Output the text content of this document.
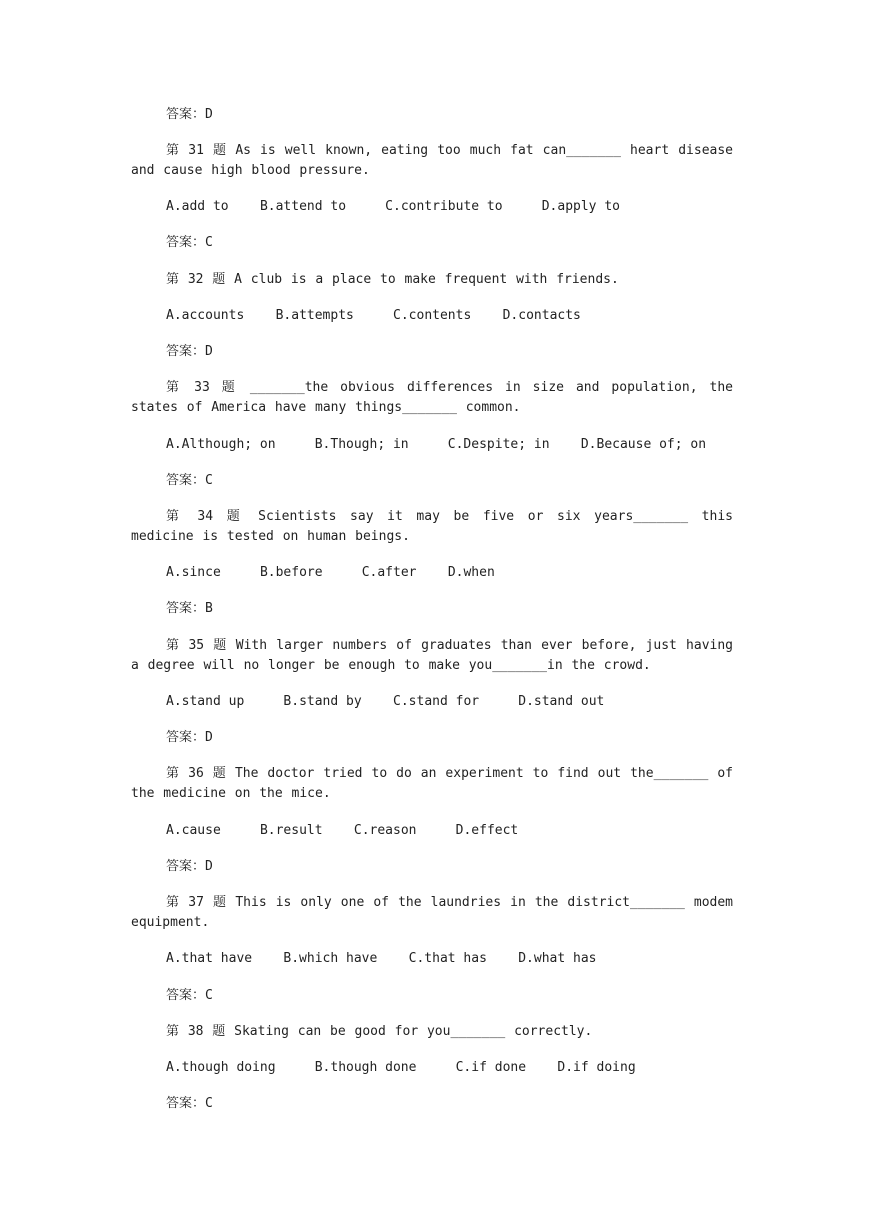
答案：D
第 31 题 As is well known, eating too much fat can_______ heart disease and cause high blood pressure.
A.add to B.attend to	C.contribute to	D.apply to
答案：C
第 32 题 A club is a place to make frequent with friends.
A.accounts B.attempts	C.contents D.contacts
答案：D
第 33 题 _______the obvious differences in size and population, the states of America have many things_______ common.
A.Although; on	B.Though; in	C.Despite; in D.Because of; on
答案：C
第 34 题 Scientists say it may be five or six years_______ this medicine is tested on human beings.
A.since	B.before	C.after D.when
答案：B
第 35 题 With larger numbers of graduates than ever before, just having a degree will no longer be enough to make you_______in the crowd.
A.stand up	B.stand by C.stand for	D.stand out
答案：D
第 36 题 The doctor tried to do an experiment to find out the_______ of the medicine on the mice.
A.cause	B.result C.reason	D.effect
答案：D
第 37 题 This is only one of the laundries in the district_______ modem equipment.
A.that have B.which have C.that has D.what has
答案：C
第 38 题 Skating can be good for you_______ correctly.
A.though doing	B.though done	C.if done D.if doing
答案：C
